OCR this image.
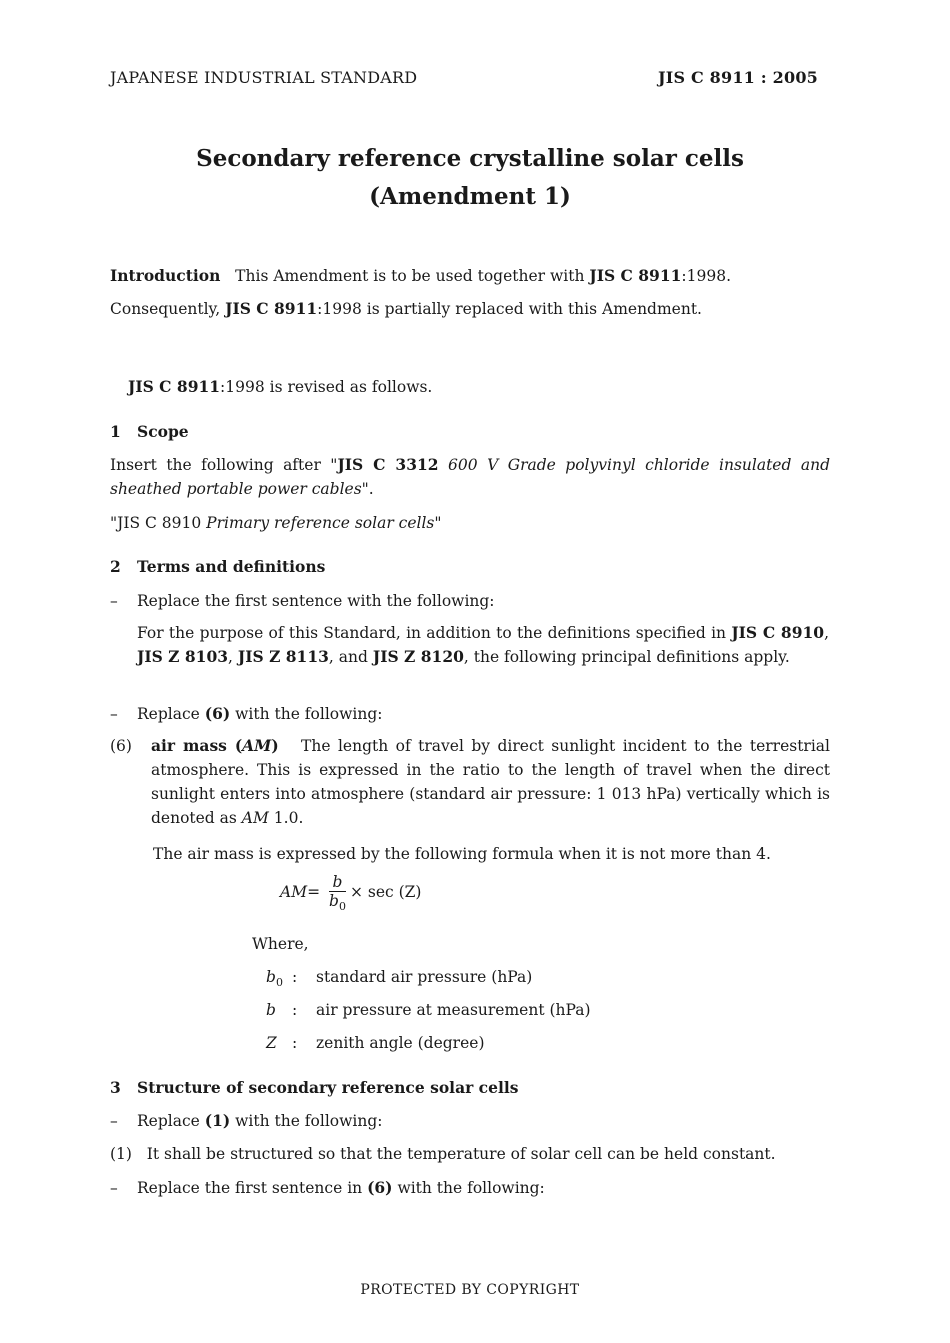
JAPANESE INDUSTRIAL STANDARD	JIS C 8911 : 2005
Secondary reference crystalline solar cells
(Amendment 1)
Introduction This Amendment is to be used together with JIS C 8911:1998.
Consequently, JIS C 8911:1998 is partially replaced with this Amendment.
JIS C 8911:1998 is revised as follows.
1 Scope
Insert the following after "JIS C 3312 600 V Grade polyvinyl chloride insulated and sheathed portable power cables".
"JIS C 8910 Primary reference solar cells"
2 Terms and definitions
– Replace the first sentence with the following:
For the purpose of this Standard, in addition to the definitions specified in JIS C 8910, JIS Z 8103, JIS Z 8113, and JIS Z 8120, the following principal definitions apply.
– Replace (6) with the following:
(6) air mass (AM) The length of travel by direct sunlight incident to the terrestrial atmosphere. This is expressed in the ratio to the length of travel when the direct sunlight enters into atmosphere (standard air pressure: 1 013 hPa) vertically which is denoted as AM 1.0.
The air mass is expressed by the following formula when it is not more than 4.
$AM= \frac{b}{b_0} \times \sec (Z)$
Where,
$b_0$ : standard air pressure (hPa)
b : air pressure at measurement (hPa)
Z : zenith angle (degree)
3 Structure of secondary reference solar cells
– Replace (1) with the following:
(1) It shall be structured so that the temperature of solar cell can be held constant.
– Replace the first sentence in (6) with the following:
PROTECTED BY COPYRIGHT
